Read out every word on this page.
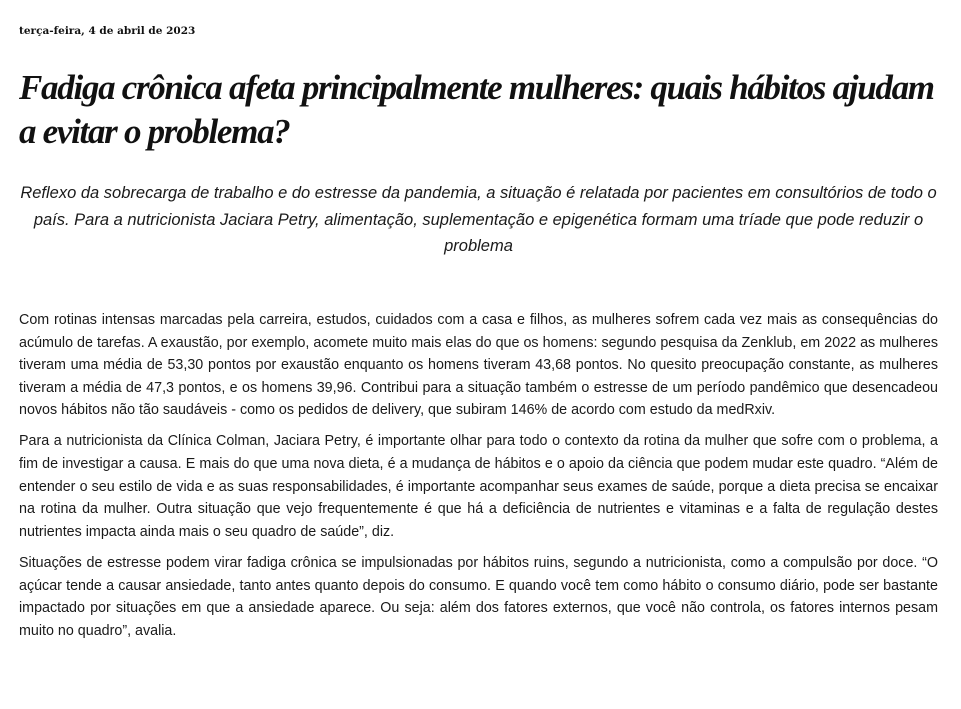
terça-feira, 4 de abril de 2023
Fadiga crônica afeta principalmente mulheres: quais hábitos ajudam a evitar o problema?

Reflexo da sobrecarga de trabalho e do estresse da pandemia, a situação é relatada por pacientes em consultórios de todo o país. Para a nutricionista Jaciara Petry, alimentação, suplementação e epigenética formam uma tríade que pode reduzir o problema

Com rotinas intensas marcadas pela carreira, estudos, cuidados com a casa e filhos, as mulheres sofrem cada vez mais as consequências do acúmulo de tarefas. A exaustão, por exemplo, acomete muito mais elas do que os homens: segundo pesquisa da Zenklub, em 2022 as mulheres tiveram uma média de 53,30 pontos por exaustão enquanto os homens tiveram 43,68 pontos. No quesito preocupação constante, as mulheres tiveram a média de 47,3 pontos, e os homens 39,96. Contribui para a situação também o estresse de um período pandêmico que desencadeou novos hábitos não tão saudáveis - como os pedidos de delivery, que subiram 146% de acordo com estudo da medRxiv.

Para a nutricionista da Clínica Colman, Jaciara Petry, é importante olhar para todo o contexto da rotina da mulher que sofre com o problema, a fim de investigar a causa. E mais do que uma nova dieta, é a mudança de hábitos e o apoio da ciência que podem mudar este quadro. “Além de entender o seu estilo de vida e as suas responsabilidades, é importante acompanhar seus exames de saúde, porque a dieta precisa se encaixar na rotina da mulher. Outra situação que vejo frequentemente é que há a deficiência de nutrientes e vitaminas e a falta de regulação destes nutrientes impacta ainda mais o seu quadro de saúde”, diz.

Situações de estresse podem virar fadiga crônica se impulsionadas por hábitos ruins, segundo a nutricionista, como a compulsão por doce. “O açúcar tende a causar ansiedade, tanto antes quanto depois do consumo. E quando você tem como hábito o consumo diário, pode ser bastante impactado por situações em que a ansiedade aparece. Ou seja: além dos fatores externos, que você não controla, os fatores internos pesam muito no quadro”, avalia.
